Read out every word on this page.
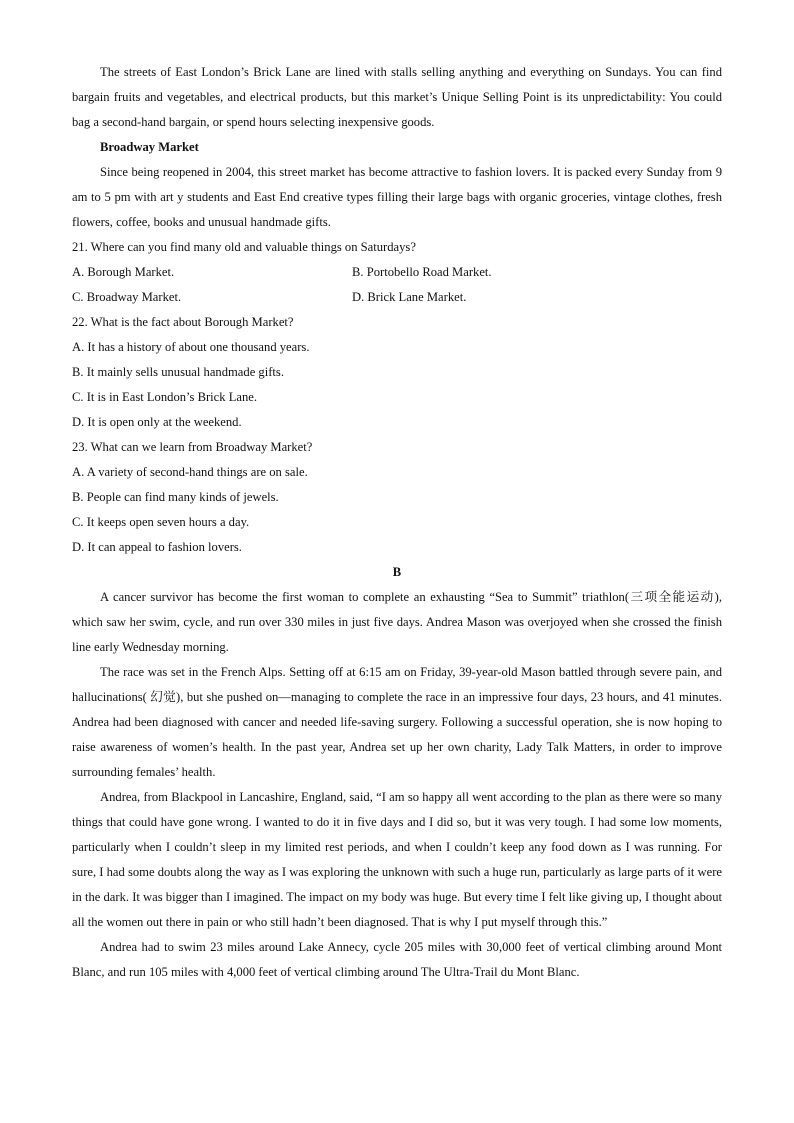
The streets of East London’s Brick Lane are lined with stalls selling anything and everything on Sundays. You can find bargain fruits and vegetables, and electrical products, but this market’s Unique Selling Point is its unpredictability: You could bag a second-hand bargain, or spend hours selecting inexpensive goods.

Broadway Market

Since being reopened in 2004, this street market has become attractive to fashion lovers. It is packed every Sunday from 9 am to 5 pm with art y students and East End creative types filling their large bags with organic groceries, vintage clothes, fresh flowers, coffee, books and unusual handmade gifts.

21. Where can you find many old and valuable things on Saturdays?

A. Borough Market.	B. Portobello Road Market.
C. Broadway Market.	D. Brick Lane Market.

22. What is the fact about Borough Market?

A. It has a history of about one thousand years.

B. It mainly sells unusual handmade gifts.

C. It is in East London’s Brick Lane.

D. It is open only at the weekend.

23. What can we learn from Broadway Market?

A. A variety of second-hand things are on sale.

B. People can find many kinds of jewels.

C. It keeps open seven hours a day.

D. It can appeal to fashion lovers.

B

A cancer survivor has become the first woman to complete an exhausting “Sea to Summit” triathlon(三项全能运动), which saw her swim, cycle, and run over 330 miles in just five days. Andrea Mason was overjoyed when she crossed the finish line early Wednesday morning.

The race was set in the French Alps. Setting off at 6:15 am on Friday, 39-year-old Mason battled through severe pain, and hallucinations( 幻觉), but she pushed on—managing to complete the race in an impressive four days, 23 hours, and 41 minutes. Andrea had been diagnosed with cancer and needed life-saving surgery. Following a successful operation, she is now hoping to raise awareness of women’s health. In the past year, Andrea set up her own charity, Lady Talk Matters, in order to improve surrounding females’ health.

Andrea, from Blackpool in Lancashire, England, said, “I am so happy all went according to the plan as there were so many things that could have gone wrong. I wanted to do it in five days and I did so, but it was very tough. I had some low moments, particularly when I couldn’t sleep in my limited rest periods, and when I couldn’t keep any food down as I was running. For sure, I had some doubts along the way as I was exploring the unknown with such a huge run, particularly as large parts of it were in the dark. It was bigger than I imagined. The impact on my body was huge. But every time I felt like giving up, I thought about all the women out there in pain or who still hadn’t been diagnosed. That is why I put myself through this.”

Andrea had to swim 23 miles around Lake Annecy, cycle 205 miles with 30,000 feet of vertical climbing around Mont Blanc, and run 105 miles with 4,000 feet of vertical climbing around The Ultra-Trail du Mont Blanc.
